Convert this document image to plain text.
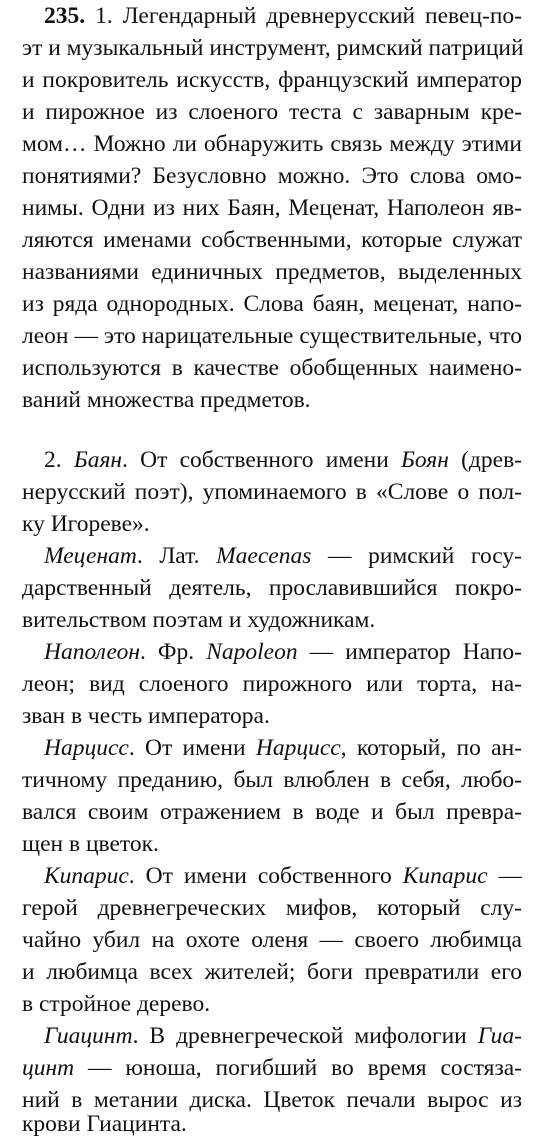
235. 1. Легендарный древнерусский певец-по-
эт и музыкальный инструмент, римский патриций
и покровитель искусств, французский император
и пирожное из слоеного теста с заварным кре-
мом… Можно ли обнаружить связь между этими
понятиями? Безусловно можно. Это слова омо-
нимы. Одни из них Баян, Меценат, Наполеон яв-
ляются именами собственными, которые служат
названиями единичных предметов, выделенных
из ряда однородных. Слова баян, меценат, напо-
леон — это нарицательные существительные, что
используются в качестве обобщенных наимено-
ваний множества предметов.
2. Баян. От собственного имени Боян (древ-
нерусский поэт), упоминаемого в «Слове о пол-
ку Игореве».
Меценат. Лат. Maecenas — римский госу-
дарственный деятель, прославившийся покро-
вительством поэтам и художникам.
Наполеон. Фр. Napoleon — император Напо-
леон; вид слоеного пирожного или торта, на-
зван в честь императора.
Нарцисс. От имени Нарцисс, который, по ан-
тичному преданию, был влюблен в себя, любо-
вался своим отражением в воде и был превра-
щен в цветок.
Кипарис. От имени собственного Кипарис —
герой древнегреческих мифов, который слу-
чайно убил на охоте оленя — своего любимца
и любимца всех жителей; боги превратили его
в стройное дерево.
Гиацинт. В древнегреческой мифологии Гиа-
цинт — юноша, погибший во время состяза-
ний в метании диска. Цветок печали вырос из
крови Гиацинта.
